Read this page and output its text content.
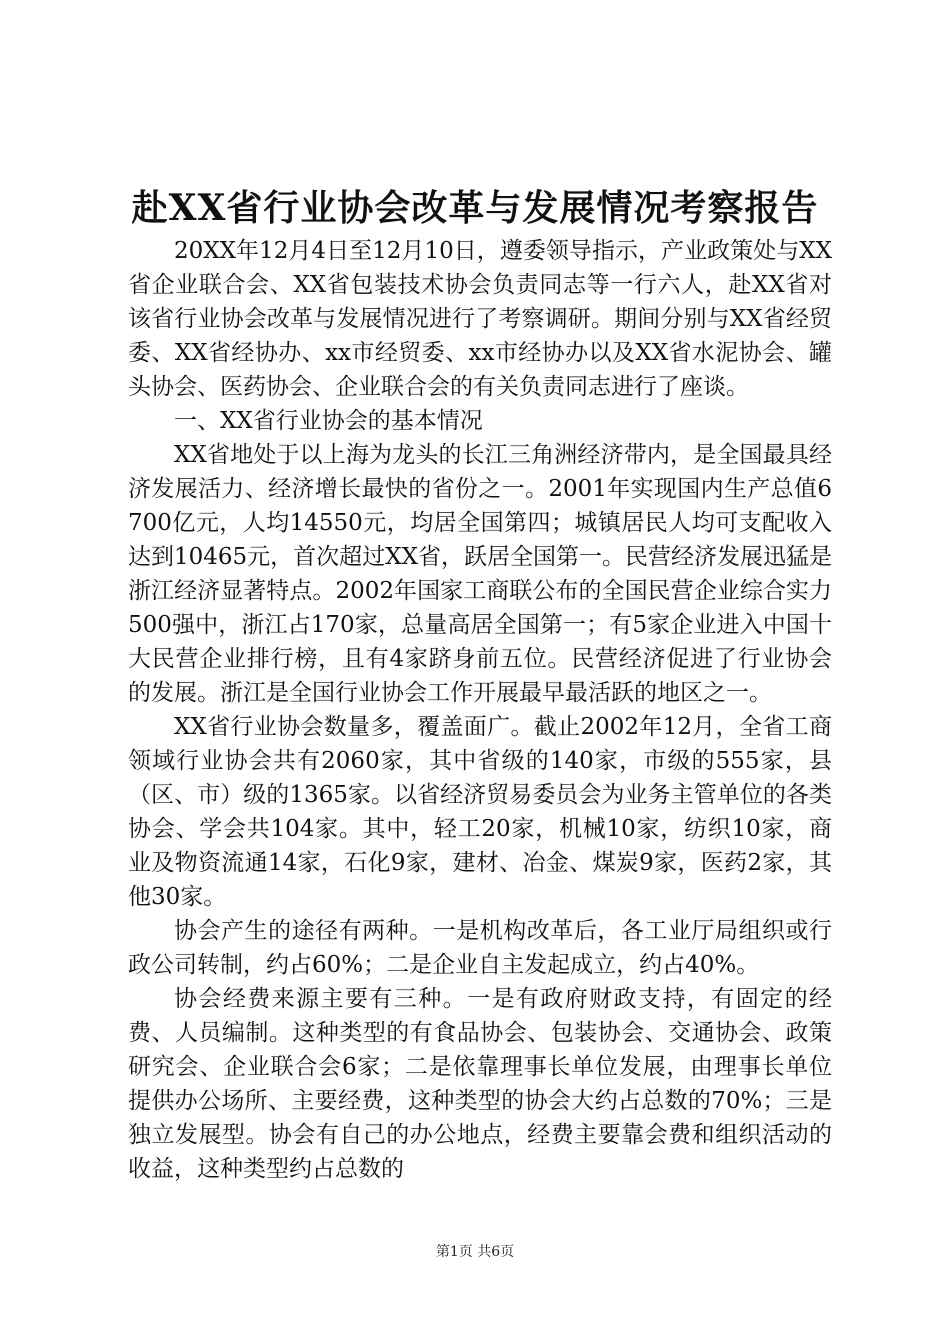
赴XX省行业协会改革与发展情况考察报告

20XX年12月4日至12月10日，遵委领导指示，产业政策处与XX省企业联合会、XX省包装技术协会负责同志等一行六人，赴XX省对该省行业协会改革与发展情况进行了考察调研。期间分别与XX省经贸委、XX省经协办、xx市经贸委、xx市经协办以及XX省水泥协会、罐头协会、医药协会、企业联合会的有关负责同志进行了座谈。

一、XX省行业协会的基本情况

XX省地处于以上海为龙头的长江三角洲经济带内，是全国最具经济发展活力、经济增长最快的省份之一。2001年实现国内生产总值6700亿元，人均14550元，均居全国第四；城镇居民人均可支配收入达到10465元，首次超过XX省，跃居全国第一。民营经济发展迅猛是浙江经济显著特点。2002年国家工商联公布的全国民营企业综合实力500强中，浙江占170家，总量高居全国第一；有5家企业进入中国十大民营企业排行榜，且有4家跻身前五位。民营经济促进了行业协会的发展。浙江是全国行业协会工作开展最早最活跃的地区之一。

XX省行业协会数量多，覆盖面广。截止2002年12月，全省工商领域行业协会共有2060家，其中省级的140家，市级的555家，县（区、市）级的1365家。以省经济贸易委员会为业务主管单位的各类协会、学会共104家。其中，轻工20家，机械10家，纺织10家，商业及物资流通14家，石化9家，建材、冶金、煤炭9家，医药2家，其他30家。

协会产生的途径有两种。一是机构改革后，各工业厅局组织或行政公司转制，约占60%；二是企业自主发起成立，约占40%。

协会经费来源主要有三种。一是有政府财政支持，有固定的经费、人员编制。这种类型的有食品协会、包装协会、交通协会、政策研究会、企业联合会6家；二是依靠理事长单位发展，由理事长单位提供办公场所、主要经费，这种类型的协会大约占总数的70%；三是独立发展型。协会有自己的办公地点，经费主要靠会费和组织活动的收益，这种类型约占总数的

第1页 共6页
